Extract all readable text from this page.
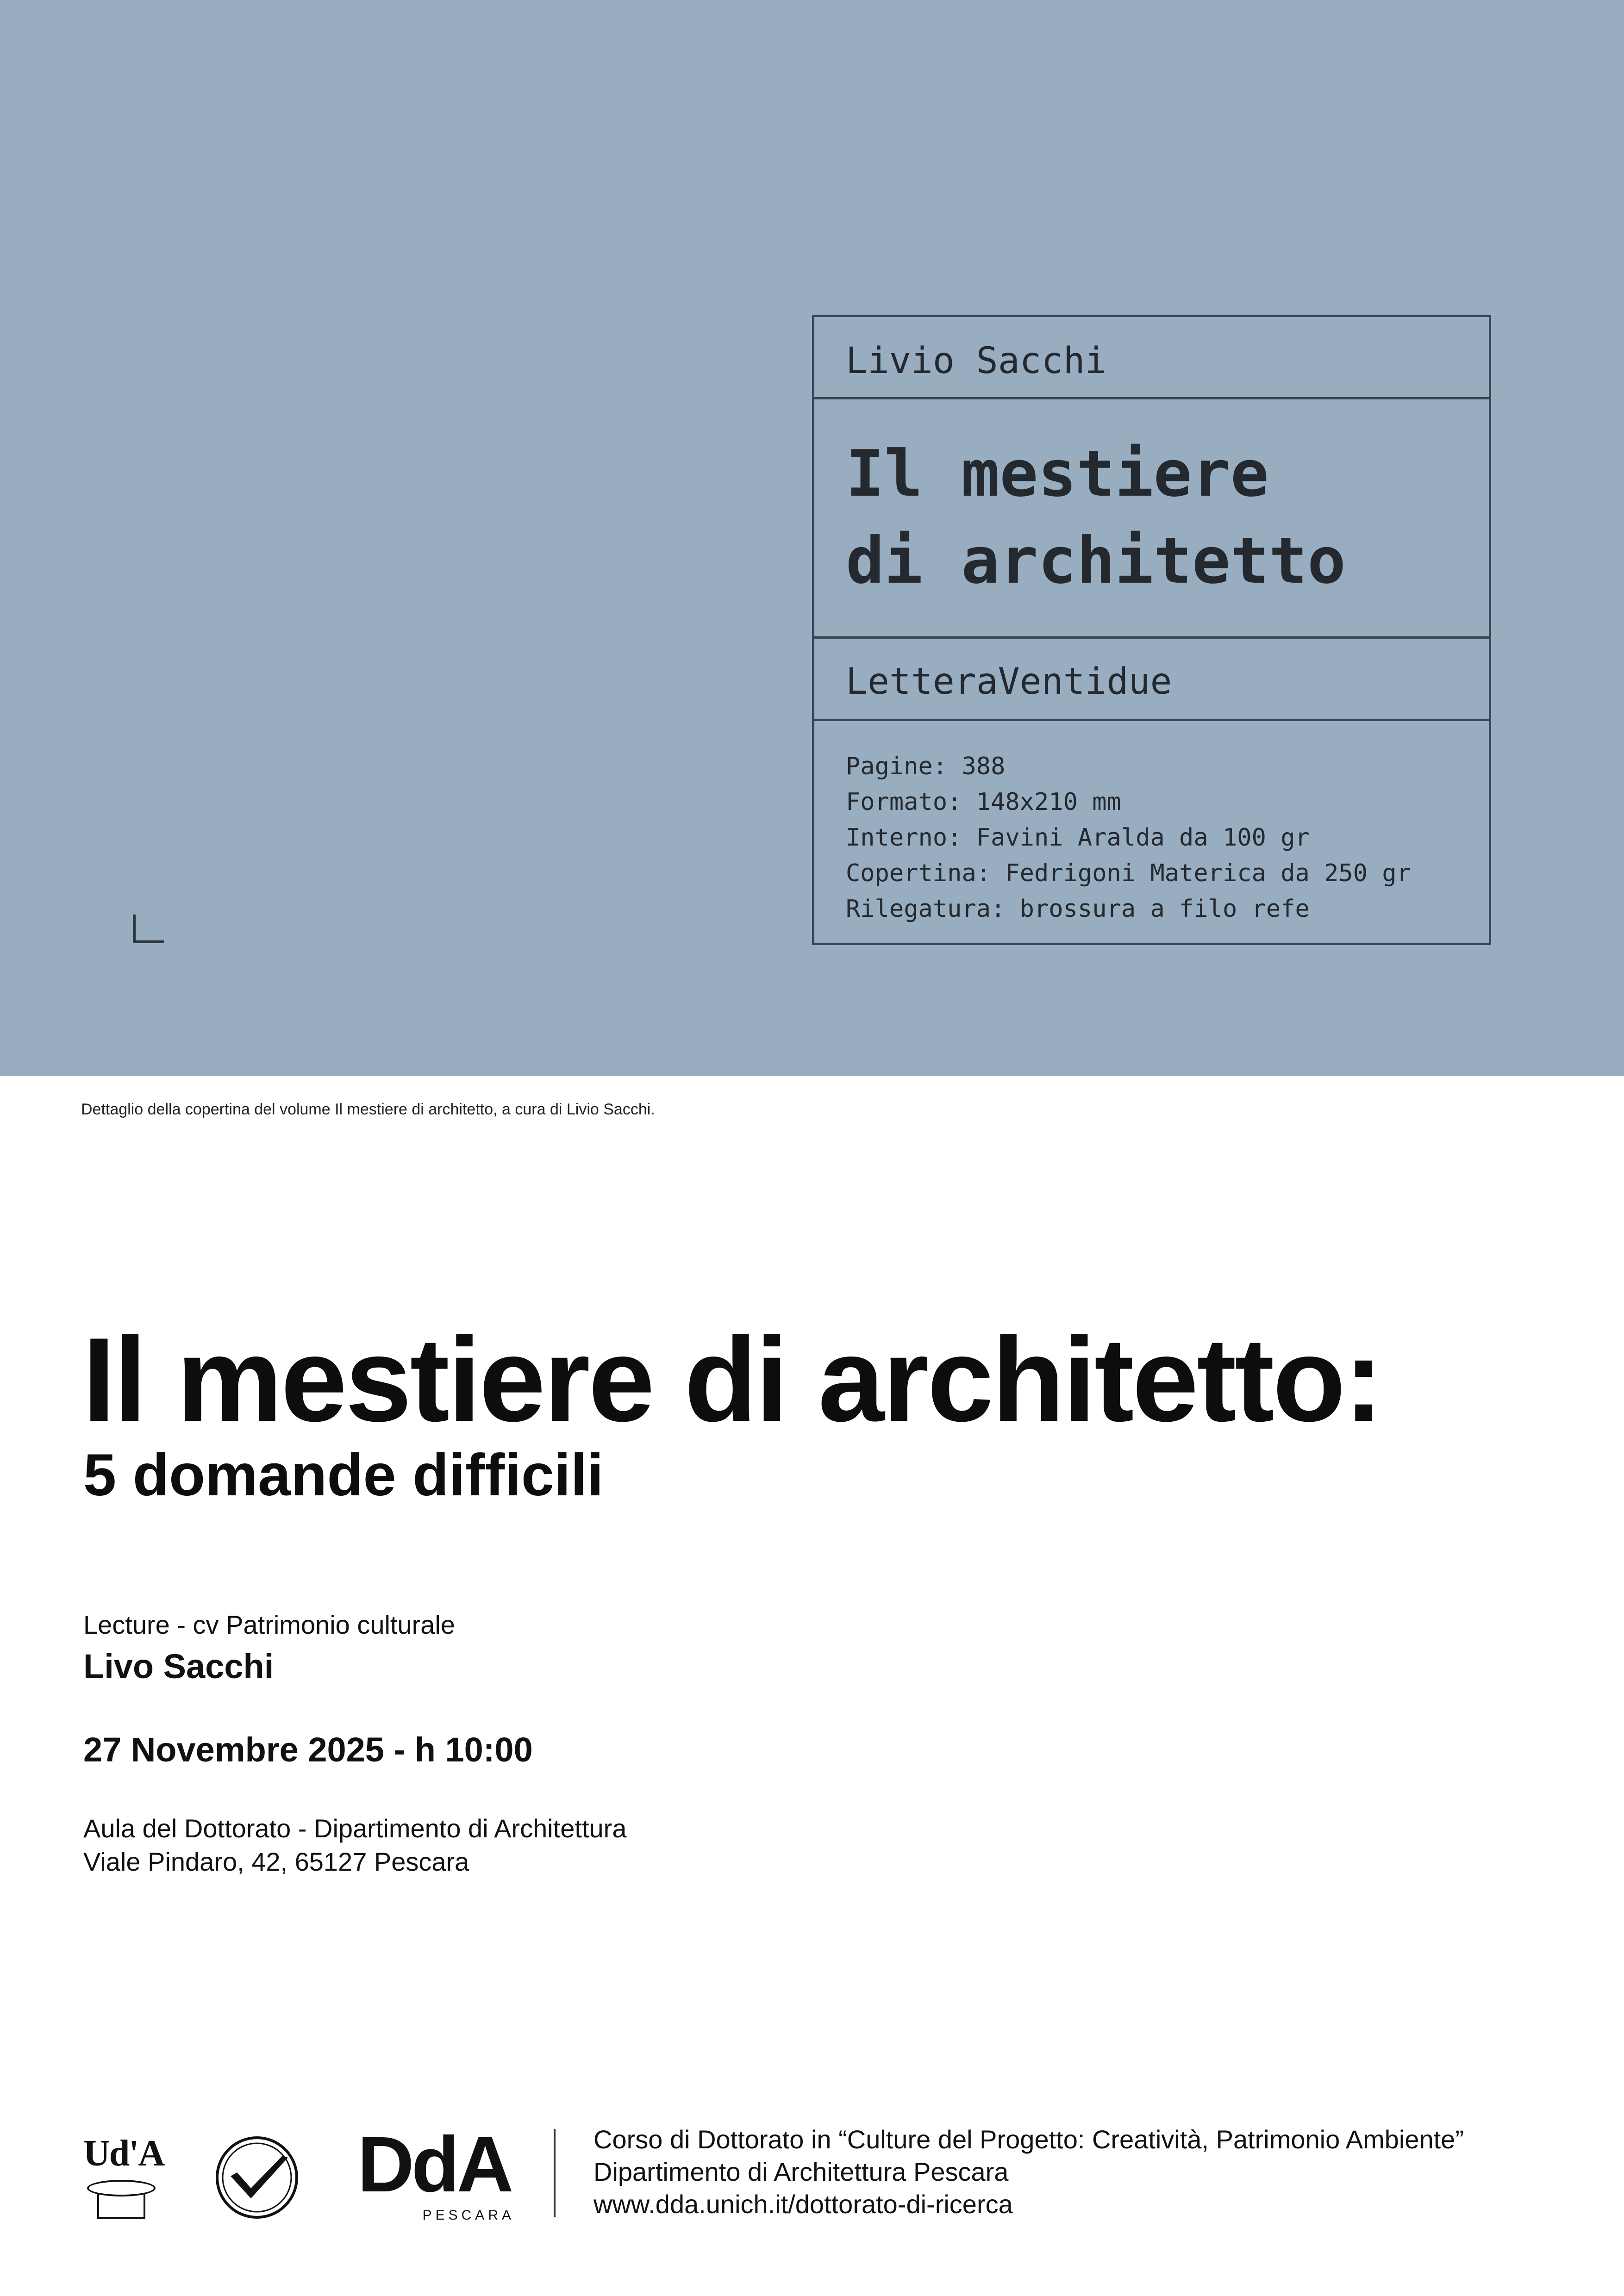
Livio Sacchi
Il mestiere
di architetto
LetteraVentidue
Pagine: 388
Formato: 148x210 mm
Interno: Favini Aralda da 100 gr
Copertina: Fedrigoni Materica da 250 gr
Rilegatura: brossura a filo refe
Dettaglio della copertina del volume Il mestiere di architetto, a cura di Livio Sacchi.
Il mestiere di architetto:
5 domande difficili
Lecture - cv Patrimonio culturale
Livo Sacchi
27 Novembre 2025 - h 10:00
Aula del Dottorato - Dipartimento di Architettura
Viale Pindaro, 42, 65127 Pescara
Ud'A DdA
PESCARA
Corso di Dottorato in “Culture del Progetto: Creatività, Patrimonio Ambiente”
Dipartimento di Architettura Pescara
www.dda.unich.it/dottorato-di-ricerca
